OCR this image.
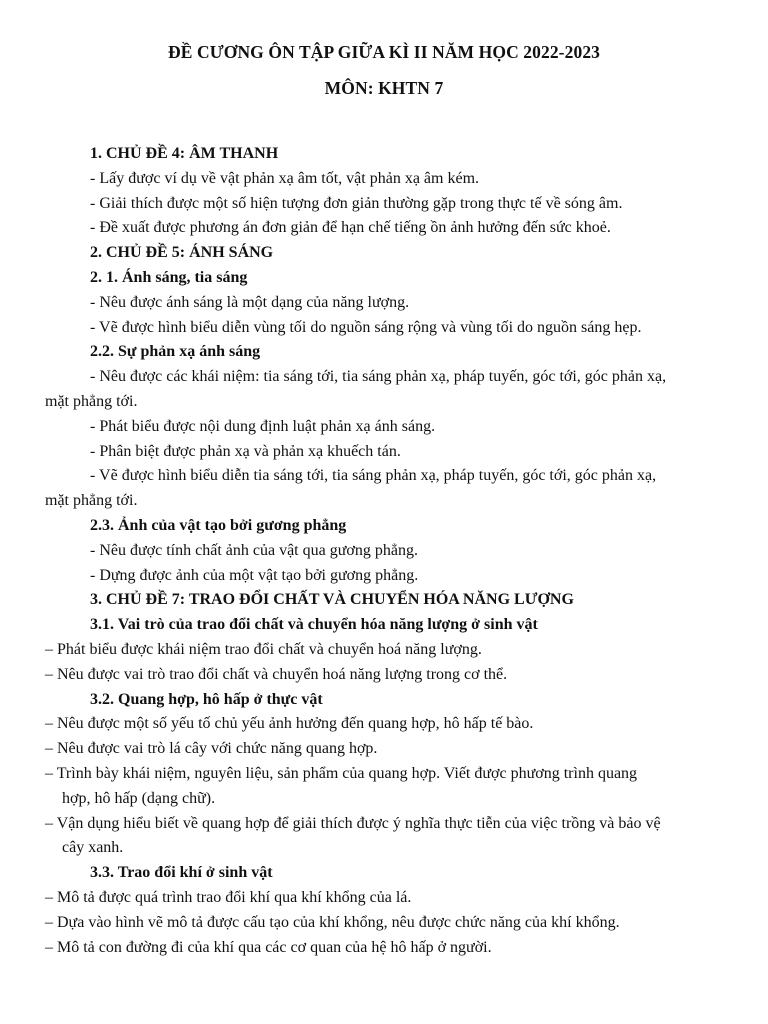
ĐỀ CƯƠNG ÔN TẬP GIỮA KÌ II NĂM HỌC 2022-2023
MÔN: KHTN 7
1. CHỦ ĐỀ 4: ÂM THANH
- Lấy được ví dụ về vật phản xạ âm tốt, vật phản xạ âm kém.
- Giải thích được một số hiện tượng đơn giản thường gặp trong thực tế về sóng âm.
- Đề xuất được phương án đơn giản để hạn chế tiếng ồn ảnh hưởng đến sức khoẻ.
2. CHỦ ĐỀ 5: ÁNH SÁNG
2. 1. Ánh sáng, tia sáng
- Nêu được ánh sáng là một dạng của năng lượng.
- Vẽ được hình biểu diễn vùng tối do nguồn sáng rộng và vùng tối do nguồn sáng hẹp.
2.2. Sự phản xạ ánh sáng
- Nêu được các khái niệm: tia sáng tới, tia sáng phản xạ, pháp tuyến, góc tới, góc phản xạ,
mặt phẳng tới.
- Phát biểu được nội dung định luật phản xạ ánh sáng.
- Phân biệt được phản xạ và phản xạ khuếch tán.
- Vẽ được hình biểu diễn tia sáng tới, tia sáng phản xạ, pháp tuyến, góc tới, góc phản xạ,
mặt phẳng tới.
2.3. Ảnh của vật tạo bởi gương phẳng
- Nêu được tính chất ảnh của vật qua gương phẳng.
- Dựng được ảnh của một vật tạo bởi gương phẳng.
3. CHỦ ĐỀ 7: TRAO ĐỔI CHẤT VÀ CHUYỂN HÓA NĂNG LƯỢNG
3.1. Vai trò của trao đổi chất và chuyển hóa năng lượng ở sinh vật
– Phát biểu được khái niệm trao đổi chất và chuyển hoá năng lượng.
– Nêu được vai trò trao đổi chất và chuyển hoá năng lượng trong cơ thể.
3.2. Quang hợp, hô hấp ở thực vật
– Nêu được một số yếu tố chủ yếu ảnh hưởng đến quang hợp, hô hấp tế bào.
– Nêu được vai trò lá cây với chức năng quang hợp.
– Trình bày khái niệm, nguyên liệu, sản phẩm của quang hợp. Viết được phương trình quang
hợp, hô hấp (dạng chữ).
– Vận dụng hiểu biết về quang hợp để giải thích được ý nghĩa thực tiễn của việc trồng và bảo vệ
cây xanh.
3.3. Trao đổi khí ở sinh vật
– Mô tả được quá trình trao đổi khí qua khí khổng của lá.
– Dựa vào hình vẽ mô tả được cấu tạo của khí khổng, nêu được chức năng của khí khổng.
– Mô tả con đường đi của khí qua các cơ quan của hệ hô hấp ở người.
